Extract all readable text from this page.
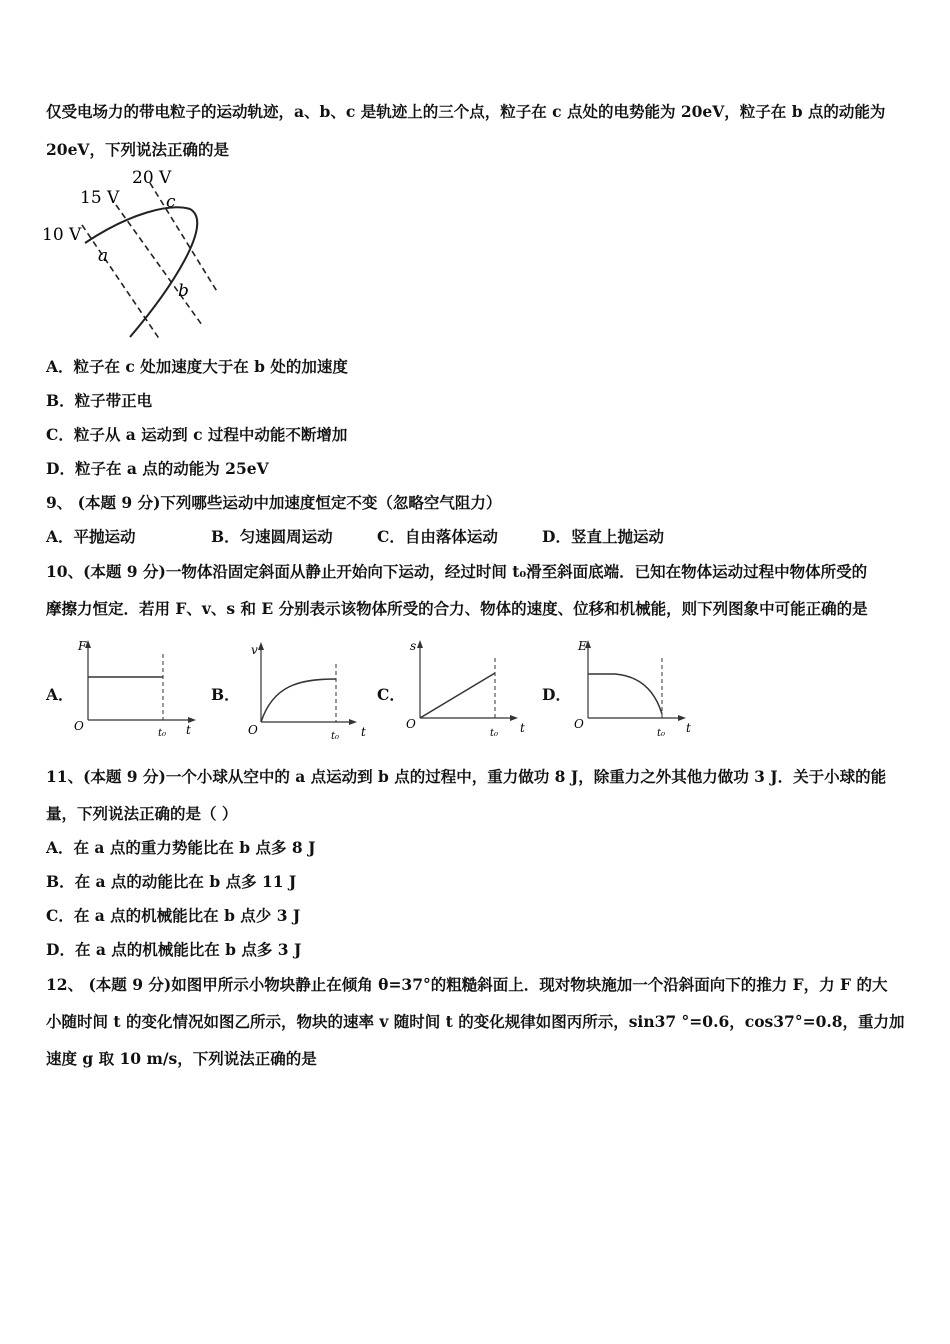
仅受电场力的带电粒子的运动轨迹，a、b、c 是轨迹上的三个点，粒子在 c 点处的电势能为 20eV，粒子在 b 点的动能为
20eV，下列说法正确的是
20 V
15 V
10 V
a
b
c
A．粒子在 c 处加速度大于在 b 处的加速度
B．粒子带正电
C．粒子从 a 运动到 c 过程中动能不断增加
D．粒子在 a 点的动能为 25eV
9、 (本题 9 分)下列哪些运动中加速度恒定不变（忽略空气阻力）
A．平抛运动	B．匀速圆周运动	C．自由落体运动	D．竖直上抛运动
10、(本题 9 分)一物体沿固定斜面从静止开始向下运动，经过时间 t₀滑至斜面底端．已知在物体运动过程中物体所受的
摩擦力恒定．若用 F、v、s 和 E 分别表示该物体所受的合力、物体的速度、位移和机械能，则下列图象中可能正确的是
A．
F
O	t
t₀
B．
v
O	t
t₀
C．
s
O	t
t₀
D．
E
O	t
t₀
11、(本题 9 分)一个小球从空中的 a 点运动到 b 点的过程中，重力做功 8 J，除重力之外其他力做功 3 J．关于小球的能
量，下列说法正确的是（ ）
A．在 a 点的重力势能比在 b 点多 8 J
B．在 a 点的动能比在 b 点多 11 J
C．在 a 点的机械能比在 b 点少 3 J
D．在 a 点的机械能比在 b 点多 3 J
12、 (本题 9 分)如图甲所示小物块静止在倾角 θ=37°的粗糙斜面上．现对物块施加一个沿斜面向下的推力 F，力 F 的大
小随时间 t 的变化情况如图乙所示，物块的速率 v 随时间 t 的变化规律如图丙所示，sin37 °=0.6，cos37°=0.8，重力加
速度 g 取 10 m/s，下列说法正确的是
